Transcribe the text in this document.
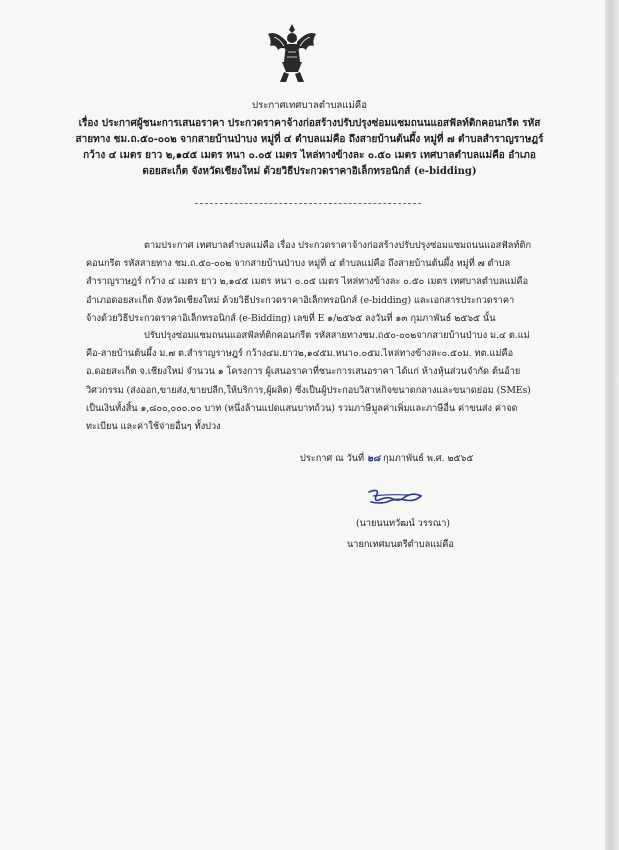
ประกาศเทศบาลตำบลแม่คือ
เรื่อง ประกาศผู้ชนะการเสนอราคา ประกวดราคาจ้างก่อสร้างปรับปรุงซ่อมแซมถนนแอสฟัลท์ติกคอนกรีต รหัส
สายทาง ชม.ถ.๕๐-๐๐๒ จากสายบ้านป่าบง หมู่ที่ ๔ ตำบลแม่คือ ถึงสายบ้านต้นผึ้ง หมู่ที่ ๗ ตำบลสำราญราษฎร์
กว้าง ๔ เมตร ยาว ๒,๑๔๕ เมตร หนา ๐.๐๕ เมตร ไหล่ทางข้างละ ๐.๕๐ เมตร เทศบาลตำบลแม่คือ อำเภอ
ดอยสะเก็ต จังหวัดเชียงใหม่ ด้วยวิธีประกวดราคาอิเล็กทรอนิกส์ (e-bidding)
ตามประกาศ เทศบาลตำบลแม่คือ เรื่อง ประกวดราคาจ้างก่อสร้างปรับปรุงซ่อมแซมถนนแอสฟัลท์ติก
คอนกรีต รหัสสายทาง ชม.ถ.๕๐-๐๐๒ จากสายบ้านป่าบง หมู่ที่ ๔ ตำบลแม่คือ ถึงสายบ้านต้นผึ้ง หมู่ที่ ๗ ตำบล
สำราญราษฎร์ กว้าง ๔ เมตร ยาว ๒,๑๔๕ เมตร หนา ๐.๐๕ เมตร ไหล่ทางข้างละ ๐.๕๐ เมตร เทศบาลตำบลแม่คือ
อำเภอดอยสะเก็ต จังหวัดเชียงใหม่ ด้วยวิธีประกวดราคาอิเล็กทรอนิกส์ (e-bidding) และเอกสารประกวดราคา
จ้างด้วยวิธีประกวดราคาอิเล็กทรอนิกส์ (e-Bidding) เลขที่ E ๑/๒๕๖๕ ลงวันที่ ๑๓ กุมภาพันธ์ ๒๕๖๕ นั้น
ปรับปรุงซ่อมแซมถนนแอสฟัลท์ติกคอนกรีต รหัสสายทางชม.ถ๕๐-๐๐๒จากสายบ้านป่าบง ม.๔ ต.แม่
คือ-สายบ้านต้นผึ้ง ม.๗ ต.สำราญราษฎร์ กว้าง๔ม.ยาว๒,๑๔๕ม.หนา๐.๐๕ม.ไหล่ทางข้างละ๐.๕๐ม. ทต.แม่คือ
อ.ดอยสะเก็ต จ.เชียงใหม่ จำนวน ๑ โครงการ ผู้เสนอราคาที่ชนะการเสนอราคา ได้แก่ ห้างหุ้นส่วนจำกัด ต้นอ้าย
วิศวกรรม (ส่งออก,ขายส่ง,ขายปลีก,ให้บริการ,ผู้ผลิต) ซึ่งเป็นผู้ประกอบวิสาหกิจขนาดกลางและขนาดย่อม (SMEs)
เป็นเงินทั้งสิ้น ๑,๘๐๐,๐๐๐.๐๐ บาท (หนึ่งล้านแปดแสนบาทถ้วน) รวมภาษีมูลค่าเพิ่มและภาษีอื่น ค่าขนส่ง ค่าจด
ทะเบียน และค่าใช้จ่ายอื่นๆ ทั้งปวง
ประกาศ ณ วันที่ ๒๘ กุมภาพันธ์ พ.ศ. ๒๕๖๕
(นายนนทวัฒน์ วรรณา)
นายกเทศมนตรีตำบลแม่คือ
